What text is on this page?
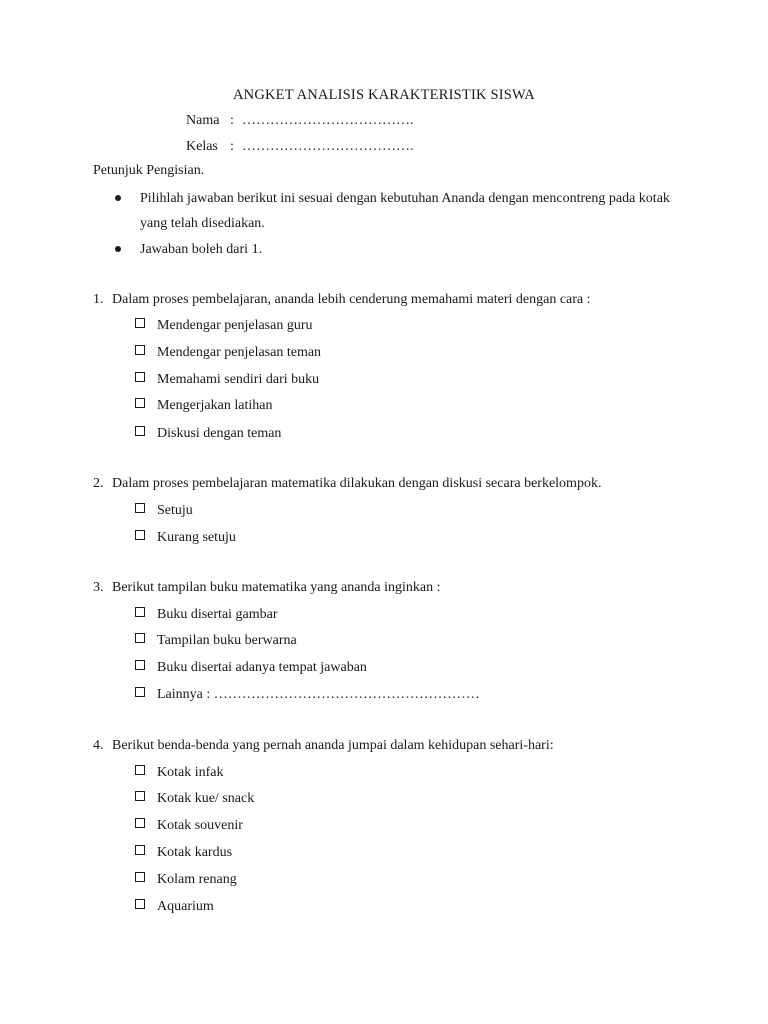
ANGKET ANALISIS KARAKTERISTIK SISWA
Nama : ……………………………….
Kelas : ……………………………….
Petunjuk Pengisian.
Pilihlah jawaban berikut ini sesuai dengan kebutuhan Ananda dengan mencontreng pada kotak yang telah disediakan.
Jawaban boleh dari 1.
1. Dalam proses pembelajaran, ananda lebih cenderung memahami materi dengan cara :
Mendengar penjelasan guru
Mendengar penjelasan teman
Memahami sendiri dari buku
Mengerjakan latihan
Diskusi dengan teman
2. Dalam proses pembelajaran matematika dilakukan dengan diskusi secara berkelompok.
Setuju
Kurang setuju
3. Berikut tampilan buku matematika yang ananda inginkan :
Buku disertai gambar
Tampilan buku berwarna
Buku disertai adanya tempat jawaban
Lainnya : …………………………………………………
4. Berikut benda-benda yang pernah ananda jumpai dalam kehidupan sehari-hari:
Kotak infak
Kotak kue/ snack
Kotak souvenir
Kotak kardus
Kolam renang
Aquarium
